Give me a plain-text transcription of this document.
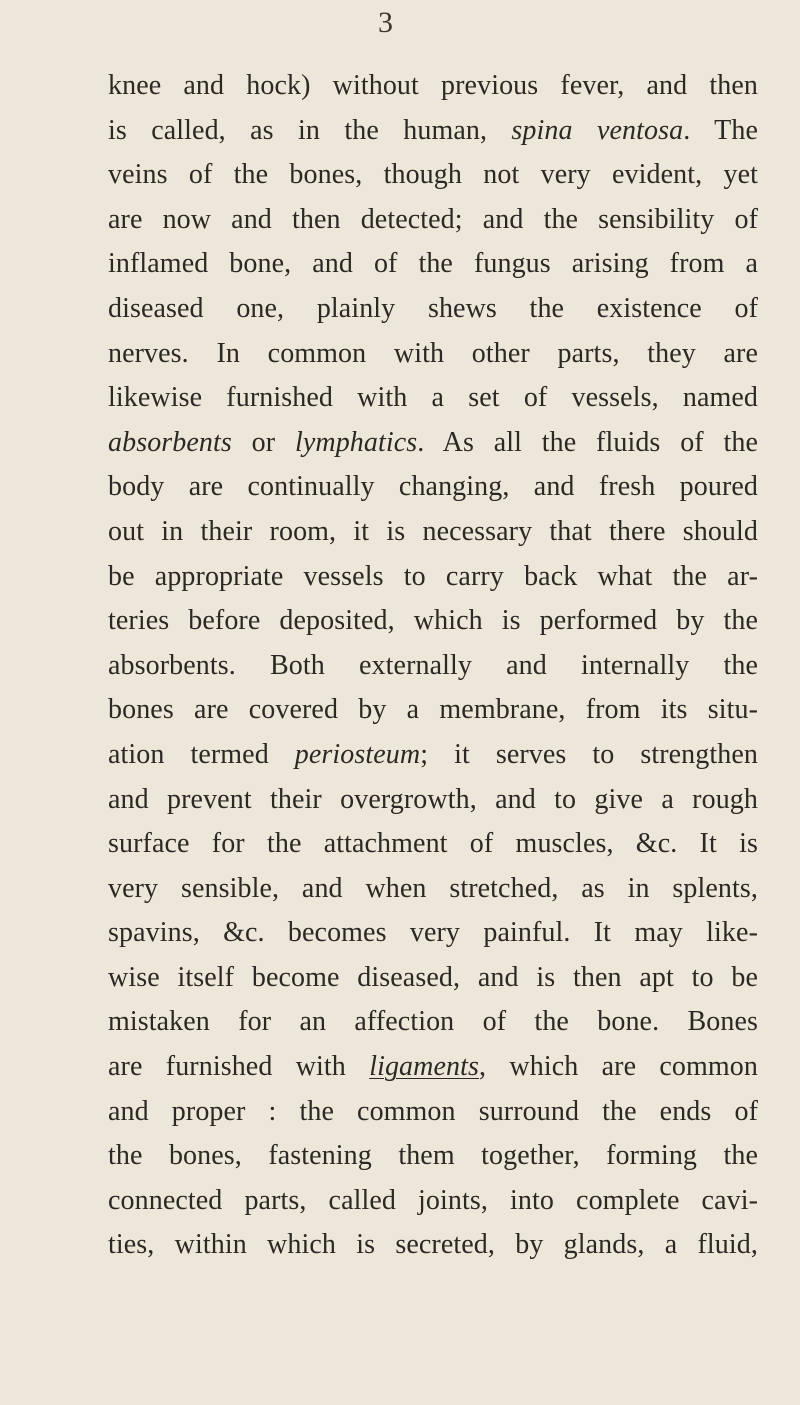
3
knee and hock) without previous fever, and then
is called, as in the human, spina ventosa. The
veins of the bones, though not very evident, yet
are now and then detected; and the sensibility of
inflamed bone, and of the fungus arising from a
diseased one, plainly shews the existence of
nerves. In common with other parts, they are
likewise furnished with a set of vessels, named
absorbents or lymphatics. As all the fluids of the
body are continually changing, and fresh poured
out in their room, it is necessary that there should
be appropriate vessels to carry back what the ar-
teries before deposited, which is performed by the
absorbents. Both externally and internally the
bones are covered by a membrane, from its situ-
ation termed periosteum; it serves to strengthen
and prevent their overgrowth, and to give a rough
surface for the attachment of muscles, &c. It is
very sensible, and when stretched, as in splents,
spavins, &c. becomes very painful. It may like-
wise itself become diseased, and is then apt to be
mistaken for an affection of the bone. Bones
are furnished with ligaments, which are common
and proper : the common surround the ends of
the bones, fastening them together, forming the
connected parts, called joints, into complete cavi-
ties, within which is secreted, by glands, a fluid,
